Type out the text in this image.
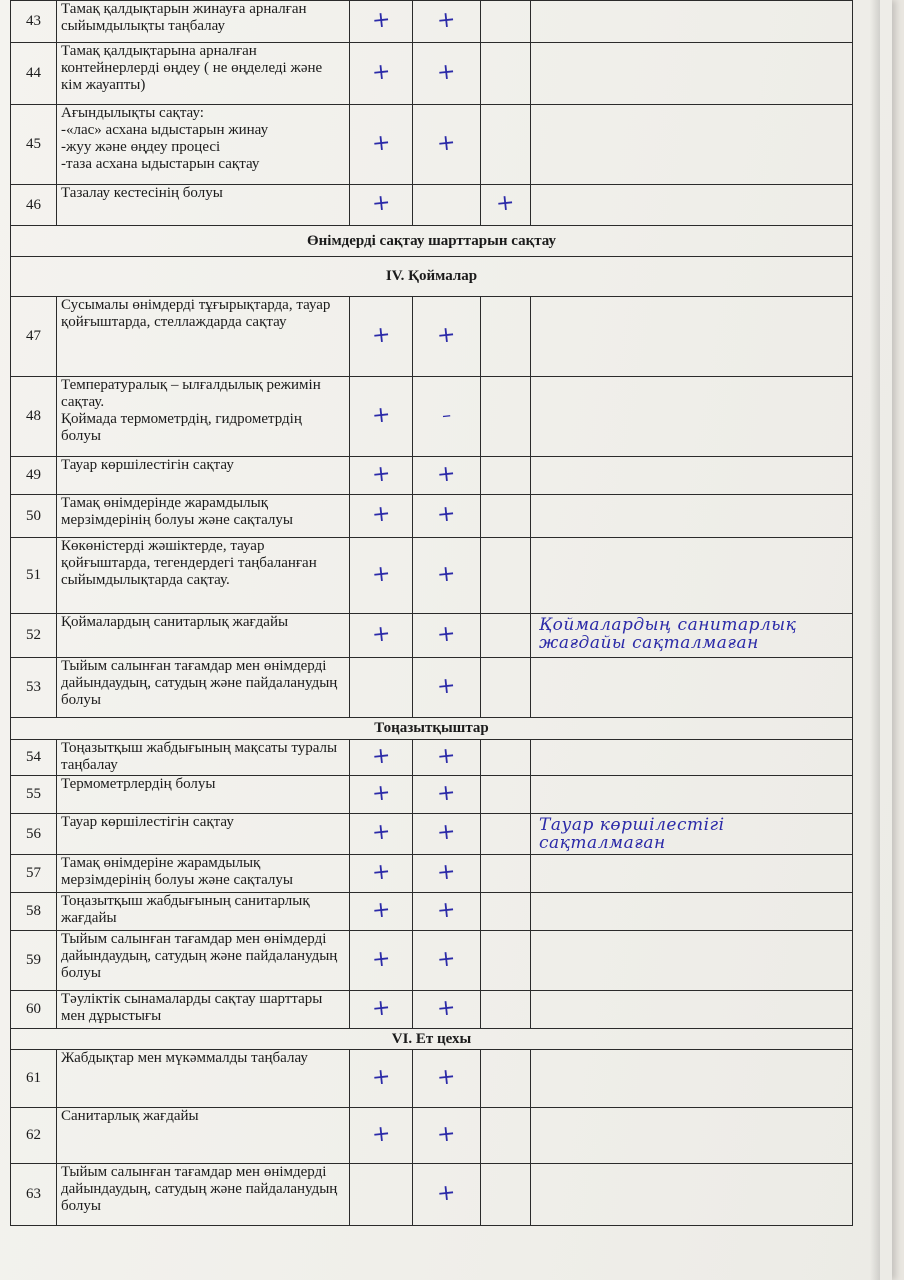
43	Тамақ қалдықтарын жинауға арналған сыйымдылықты таңбалау	+	+		
44	Тамақ қалдықтарына арналған контейнерлерді өңдеу ( не өңделеді және кім жауапты)	+	+		
45	Ағындылықты сақтау:
-«лас» асхана ыдыстарын жинау
-жуу және өңдеу процесі
-таза асхана ыдыстарын сақтау	+	+		
46	Тазалау кестесінің болуы	+		+	
Өнімдерді сақтау шарттарын сақтау					
IV. Қоймалар					
47	Сусымалы өнімдерді тұғырықтарда, тауар қойғыштарда, стеллаждарда сақтау	+	+		
48	Температуралық – ылғалдылық режимін сақтау.
Қоймада термометрдің, гидрометрдің болуы	+	–		
49	Тауар көршілестігін сақтау	+	+		
50	Тамақ өнімдерінде жарамдылық мерзімдерінің болуы және сақталуы	+	+		
51	Көкөністерді жәшіктерде, тауар қойғыштарда, тегендердегі таңбаланған сыйымдылықтарда сақтау.	+	+		
52	Қоймалардың санитарлық жағдайы	+	+		Қоймалардың санитарлық жағдайы сақталмаған
53	Тыйым салынған тағамдар мен өнімдерді дайындаудың, сатудың және пайдаланудың болуы		+		
Тоңазытқыштар					
54	Тоңазытқыш жабдығының мақсаты туралы таңбалау	+	+		
55	Термометрлердің болуы	+	+		
56	Тауар көршілестігін сақтау	+	+		Тауар көршілестігі сақталмаған
57	Тамақ өнімдеріне жарамдылық мерзімдерінің болуы және сақталуы	+	+		
58	Тоңазытқыш жабдығының санитарлық жағдайы	+	+		
59	Тыйым салынған тағамдар мен өнімдерді дайындаудың, сатудың және пайдаланудың болуы	+	+		
60	Тәуліктік сынамаларды сақтау шарттары мен дұрыстығы	+	+		
VI. Ет цехы					
61	Жабдықтар мен мүкәммалды таңбалау	+	+		
62	Санитарлық жағдайы	+	+		
63	Тыйым салынған тағамдар мен өнімдерді дайындаудың, сатудың және пайдаланудың болуы		+		
